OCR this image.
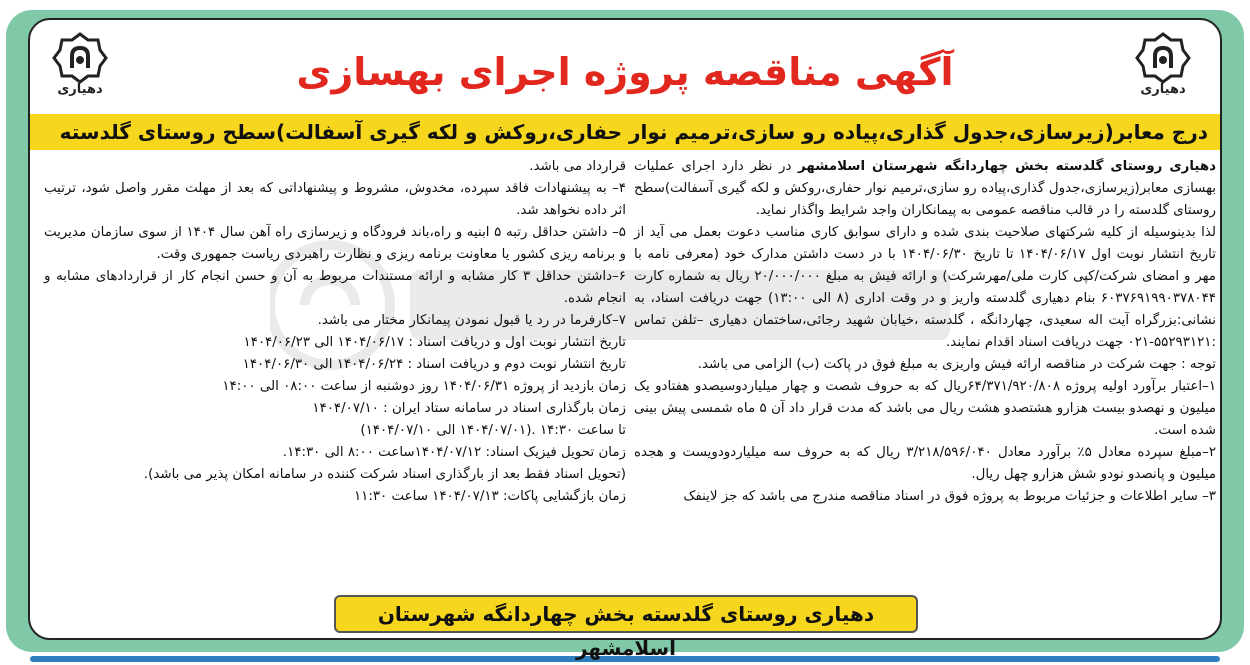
دهیاری	دهیاری
آگهی مناقصه پروژه اجرای بهسازی
درج معابر(زیرسازی،جدول گذاری،پیاده رو سازی،ترمیم نوار حفاری،روکش و لکه گیری آسفالت)سطح روستای گلدسته

دهیاری روستای گلدسته بخش چهاردانگه شهرستان اسلامشهر در نظر دارد اجرای عملیات بهسازی معابر(زیرسازی،جدول گذاری،پیاده رو سازی،ترمیم نوار حفاری،روکش و لکه گیری آسفالت)سطح روستای گلدسته را در قالب مناقصه عمومی به پیمانکاران واجد شرایط واگذار نماید.

لذا بدینوسیله از کلیه شرکتهای صلاحیت بندی شده و دارای سوابق کاری مناسب دعوت بعمل می آید از تاریخ انتشار نوبت اول ۱۴۰۴/۰۶/۱۷ تا تاریخ ۱۴۰۴/۰۶/۳۰ با در دست داشتن مدارک خود (معرفی نامه با مهر و امضای شرکت/کپی کارت ملی/مهرشرکت) و ارائه فیش به مبلغ ۲۰/۰۰۰/۰۰۰ ریال به شماره کارت ۶۰۳۷۶۹۱۹۹۰۳۷۸۰۴۴ بنام دهیاری گلدسته واریز و در وقت اداری (۸ الی ۱۳:۰۰) جهت دریافت اسناد، به نشانی:بزرگراه آیت اله سعیدی، چهاردانگه ، گلدسته ،خیابان شهید رجائی،ساختمان دهیاری –تلفن تماس :۵۵۲۹۳۱۲۱-۰۲۱ جهت دریافت اسناد اقدام نمایند.

توجه : جهت شرکت در مناقصه ارائه فیش واریزی به مبلغ فوق در پاکت (ب) الزامی می باشد.

۱–اعتبار برآورد اولیه پروژه ۶۴/۳۷۱/۹۲۰/۸۰۸ریال که به حروف شصت و چهار میلیاردوسیصدو هفتادو یک میلیون و نهصدو بیست هزارو هشتصدو هشت ریال می باشد که مدت قرار داد آن ۵ ماه شمسی پیش بینی شده است.

۲–مبلغ سپرده معادل ۵٪ برآورد معادل ۳/۲۱۸/۵۹۶/۰۴۰ ریال که به حروف سه میلیاردودویست و هجده میلیون و پانصدو نودو شش هزارو چهل ریال.

۳– سایر اطلاعات و جزئیات مربوط به پروژه فوق در اسناد مناقصه مندرج می باشد که جز لاینفک

قرارداد می باشد.

۴– به پیشنهادات فاقد سپرده، مخدوش، مشروط و پیشنهاداتی که بعد از مهلت مقرر واصل شود، ترتیب اثر داده نخواهد شد.

۵– داشتن حداقل رتبه ۵ ابنیه و راه،باند فرودگاه و زیرسازی راه آهن سال ۱۴۰۴ از سوی سازمان مدیریت و برنامه ریزی کشور یا معاونت برنامه ریزی و نظارت راهبردی ریاست جمهوری وقت.

۶–داشتن حداقل ۳ کار مشابه و ارائه مستندات مربوط به آن و حسن انجام کار از قراردادهای مشابه و انجام شده.

۷–کارفرما در رد یا قبول نمودن پیمانکار مختار می باشد.

تاریخ انتشار نوبت اول و دریافت اسناد : ۱۴۰۴/۰۶/۱۷ الی ۱۴۰۴/۰۶/۲۳

تاریخ انتشار نوبت دوم و دریافت اسناد : ۱۴۰۴/۰۶/۲۴ الی ۱۴۰۴/۰۶/۳۰

زمان بازدید از پروژه ۱۴۰۴/۰۶/۳۱ روز دوشنبه از ساعت ۰۸:۰۰ الی ۱۴:۰۰

زمان بارگذاری اسناد در سامانه ستاد ایران : ۱۴۰۴/۰۷/۱۰

تا ساعت ۱۴:۳۰ .(۱۴۰۴/۰۷/۰۱ الی ۱۴۰۴/۰۷/۱۰)

زمان تحویل فیزیک اسناد: ۱۴۰۴/۰۷/۱۲ساعت ۸:۰۰ الی ۱۴:۳۰.

(تحویل اسناد فقط بعد از بارگذاری اسناد شرکت کننده در سامانه امکان پذیر می باشد).

زمان بازگشایی پاکات: ۱۴۰۴/۰۷/۱۳ ساعت ۱۱:۳۰

دهیاری روستای گلدسته بخش چهاردانگه شهرستان اسلامشهر
